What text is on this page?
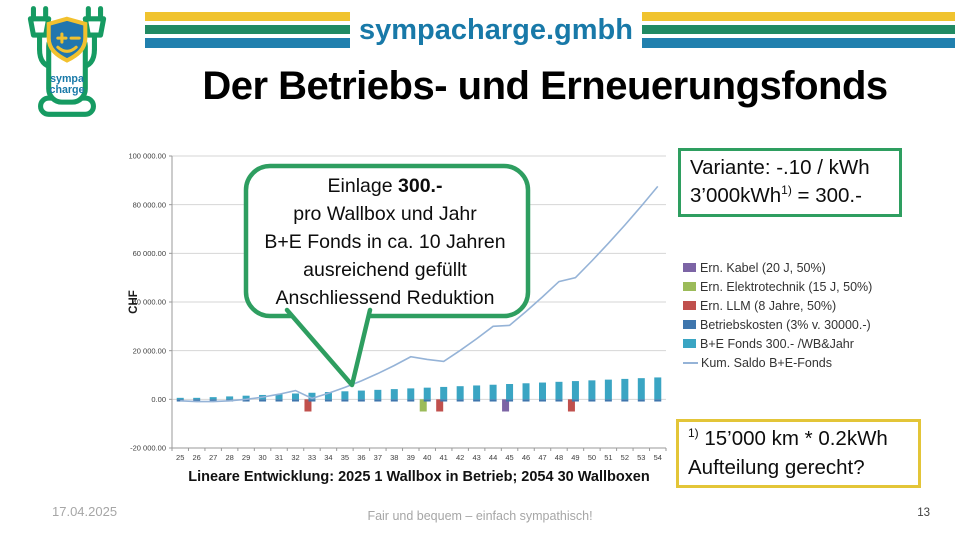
sympa
charge
sympacharge.gmbh
Der Betriebs- und Erneuerungsfonds
100 000.00
80 000.00
60 000.00
40 000.00
20 000.00
0.00
-20 000.00
25 26 27 28 29 30 31 32 33 34 35 36 37 38 39 40 41 42 43 44 45 46 47 48 49 50 51 52 53 54
CHF
Lineare Entwicklung: 2025 1 Wallbox in Betrieb; 2054 30 Wallboxen
Ern. Kabel (20 J, 50%)
Ern. Elektrotechnik (15 J, 50%)
Ern. LLM (8 Jahre, 50%)
Betriebskosten (3% v. 30000.-)
B+E Fonds 300.- /WB&Jahr
Kum. Saldo B+E-Fonds
Einlage 300.-
pro Wallbox und Jahr
B+E Fonds in ca. 10 Jahren
ausreichend gefüllt
Anschliessend Reduktion
Variante: -.10 / kWh
3’000kWh$^{1)}$ = 300.-
$^{1)}$ 15’000 km * 0.2kWh
Aufteilung gerecht?
17.04.2025	Fair und bequem – einfach sympathisch!	13
